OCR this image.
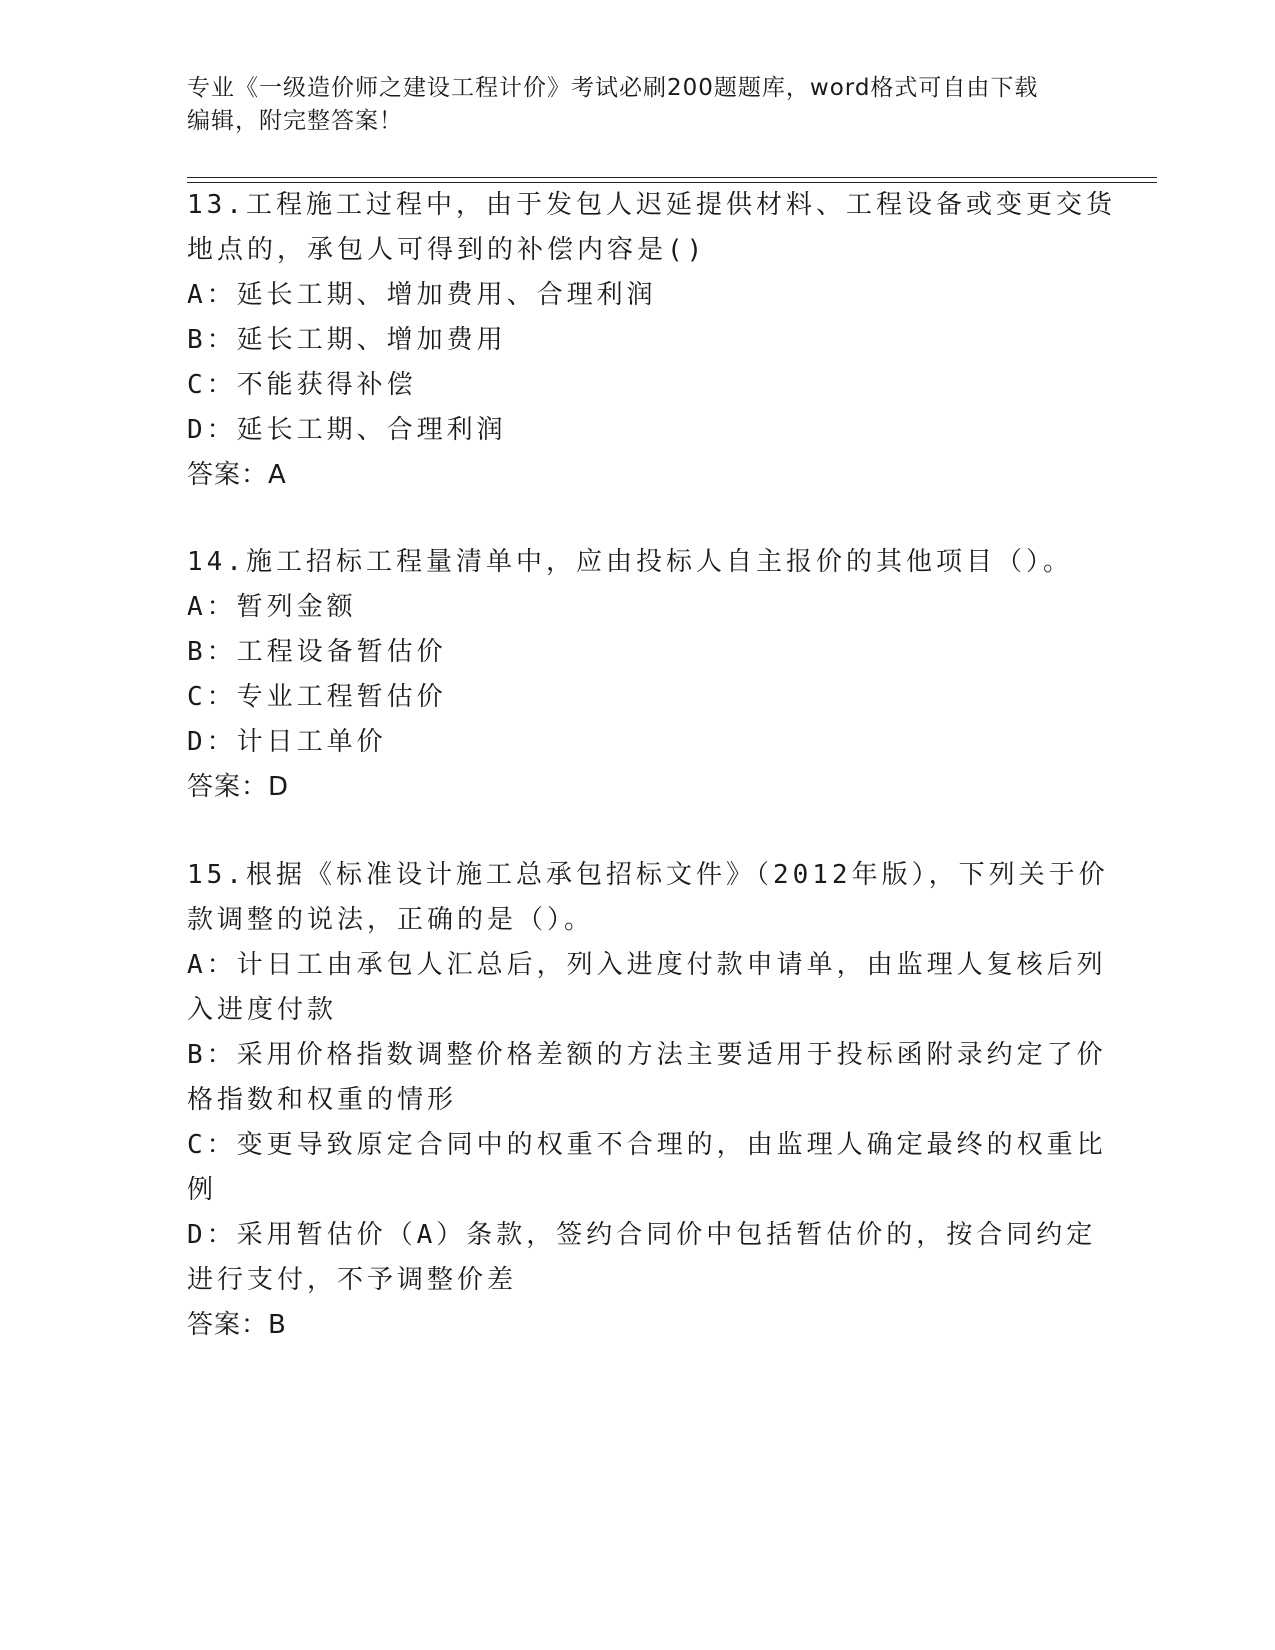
专业《一级造价师之建设工程计价》考试必刷200题题库，word格式可自由下载
编辑，附完整答案！
13.工程施工过程中，由于发包人迟延提供材料、工程设备或变更交货
地点的，承包人可得到的补偿内容是()
A：延长工期、增加费用、合理利润
B：延长工期、增加费用
C：不能获得补偿
D：延长工期、合理利润
答案：A
14.施工招标工程量清单中，应由投标人自主报价的其他项目（）。
A：暂列金额
B：工程设备暂估价
C：专业工程暂估价
D：计日工单价
答案：D
15.根据《标准设计施工总承包招标文件》（2012年版），下列关于价
款调整的说法，正确的是（）。
A：计日工由承包人汇总后，列入进度付款申请单，由监理人复核后列
入进度付款
B：采用价格指数调整价格差额的方法主要适用于投标函附录约定了价
格指数和权重的情形
C：变更导致原定合同中的权重不合理的，由监理人确定最终的权重比
例
D：采用暂估价（A）条款，签约合同价中包括暂估价的，按合同约定
进行支付，不予调整价差
答案：B
